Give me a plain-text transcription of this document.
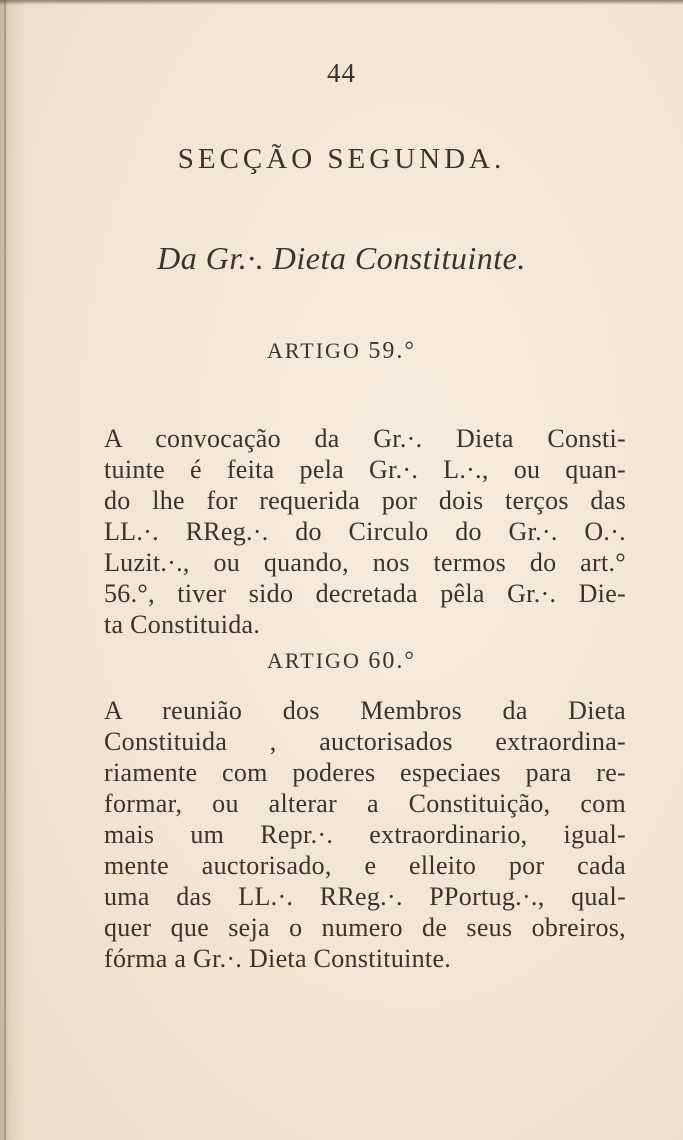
44
SECÇÃO SEGUNDA.
Da Gr.·. Dieta Constituinte.
ARTIGO 59.°
A convocação da Gr.·. Dieta Consti-
tuinte é feita pela Gr.·. L.·., ou quan-
do lhe for requerida por dois terços das
LL.·. RReg.·. do Circulo do Gr.·. O.·.
Luzit.·., ou quando, nos termos do art.°
56.°, tiver sido decretada pêla Gr.·. Die-
ta Constituida.
ARTIGO 60.°
A reunião dos Membros da Dieta
Constituida , auctorisados extraordina-
riamente com poderes especiaes para re-
formar, ou alterar a Constituição, com
mais um Repr.·. extraordinario, igual-
mente auctorisado, e elleito por cada
uma das LL.·. RReg.·. PPortug.·., qual-
quer que seja o numero de seus obreiros,
fórma a Gr.·. Dieta Constituinte.
